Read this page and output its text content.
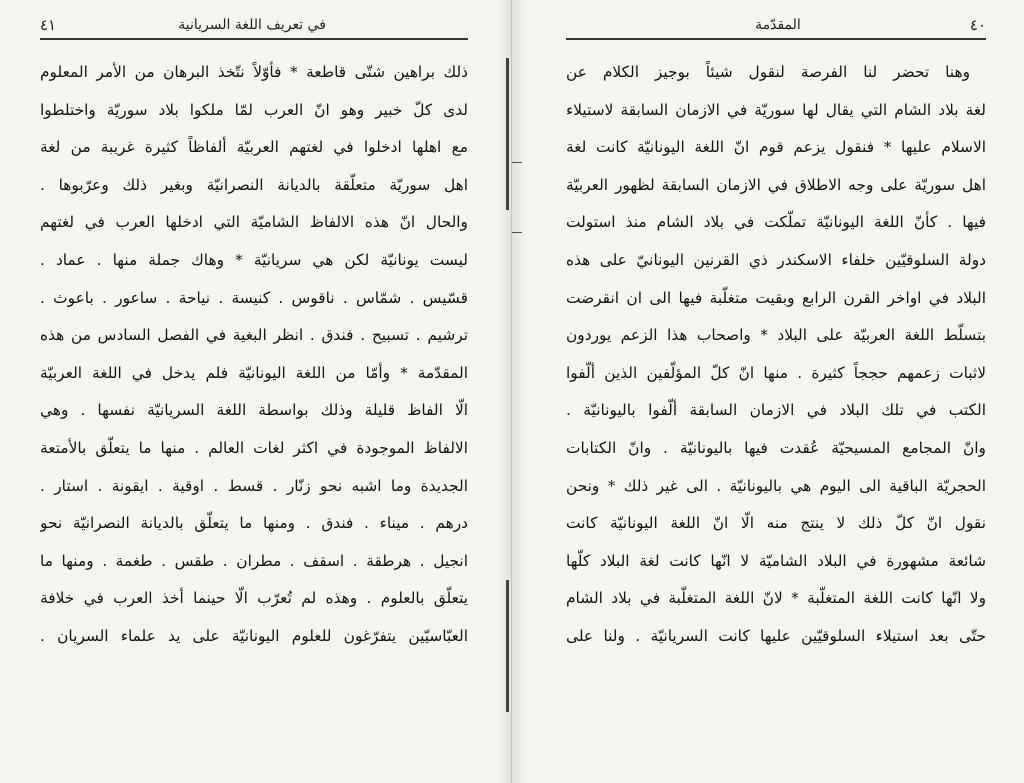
٤١	في تعريف اللغة السريانية
ذلك براهين شتّى قاطعة * فأوّلاً نتّخذ البرهان من الأمر المعلوم
لدى كلّ خبير وهو انّ العرب لمّا ملكوا بلاد سوريّة واختلطوا
مع اهلها ادخلوا في لغتهم العربيّة ألفاظاً كثيرة غريبة من لغة
اهل سوريّة متعلّقة بالديانة النصرانيّة وبغير ذلك وعرّبوها .
والحال انّ هذه الالفاظ الشاميّة التي ادخلها العرب في لغتهم
ليست يونانيّة لكن هي سريانيّة * وهاك جملة منها . عماد .
قسّيس . شمّاس . ناقوس . كنيسة . نياحة . ساعور . باعوث .
ترشيم . تسبيح . فندق . انظر البغية في الفصل السادس من هذه
المقدّمة * وأمّا من اللغة اليونانيّة فلم يدخل في اللغة العربيّة
الّا الفاظ قليلة وذلك بواسطة اللغة السريانيّة نفسها . وهي
الالفاظ الموجودة في اكثر لغات العالم . منها ما يتعلّق بالأمتعة
الجديدة وما اشبه نحو زنّار . قسط . اوقية . ايقونة . استار .
درهم . ميناء . فندق . ومنها ما يتعلّق بالديانة النصرانيّة نحو
انجيل . هرطقة . اسقف . مطران . طقس . طغمة . ومنها ما
يتعلّق بالعلوم . وهذه لم تُعرّب الّا حينما أخذ العرب في خلافة
العبّاسيّين يتفرّغون للعلوم اليونانيّة على يد علماء السريان .
المقدّمة	٤٠
وهنا تحضر لنا الفرصة لنقول شيئاً بوجيز الكلام عن
لغة بلاد الشام التي يقال لها سوريّة في الازمان السابقة لاستيلاء
الاسلام عليها * فنقول يزعم قوم انّ اللغة اليونانيّة كانت لغة
اهل سوريّة على وجه الاطلاق في الازمان السابقة لظهور العربيّة
فيها . كأنّ اللغة اليونانيّة تملّكت في بلاد الشام منذ استولت
دولة السلوقيّين خلفاء الاسكندر ذي القرنين اليونانيّ على هذه
البلاد في اواخر القرن الرابع وبقيت متغلّبة فيها الى ان انقرضت
بتسلّط اللغة العربيّة على البلاد * واصحاب هذا الزعم يوردون
لاثبات زعمهم حججاً كثيرة . منها انّ كلّ المؤلّفين الذين ألّفوا
الكتب في تلك البلاد في الازمان السابقة ألّفوا باليونانيّة .
وانّ المجامع المسيحيّة عُقدت فيها باليونانيّة . وانّ الكتابات
الحجريّة الباقية الى اليوم هي باليونانيّة . الى غير ذلك * ونحن
نقول انّ كلّ ذلك لا ينتج منه الّا انّ اللغة اليونانيّة كانت
شائعة مشهورة في البلاد الشاميّة لا انّها كانت لغة البلاد كلّها
ولا انّها كانت اللغة المتغلّبة * لانّ اللغة المتغلّبة في بلاد الشام
حتّى بعد استيلاء السلوقيّين عليها كانت السريانيّة . ولنا على
